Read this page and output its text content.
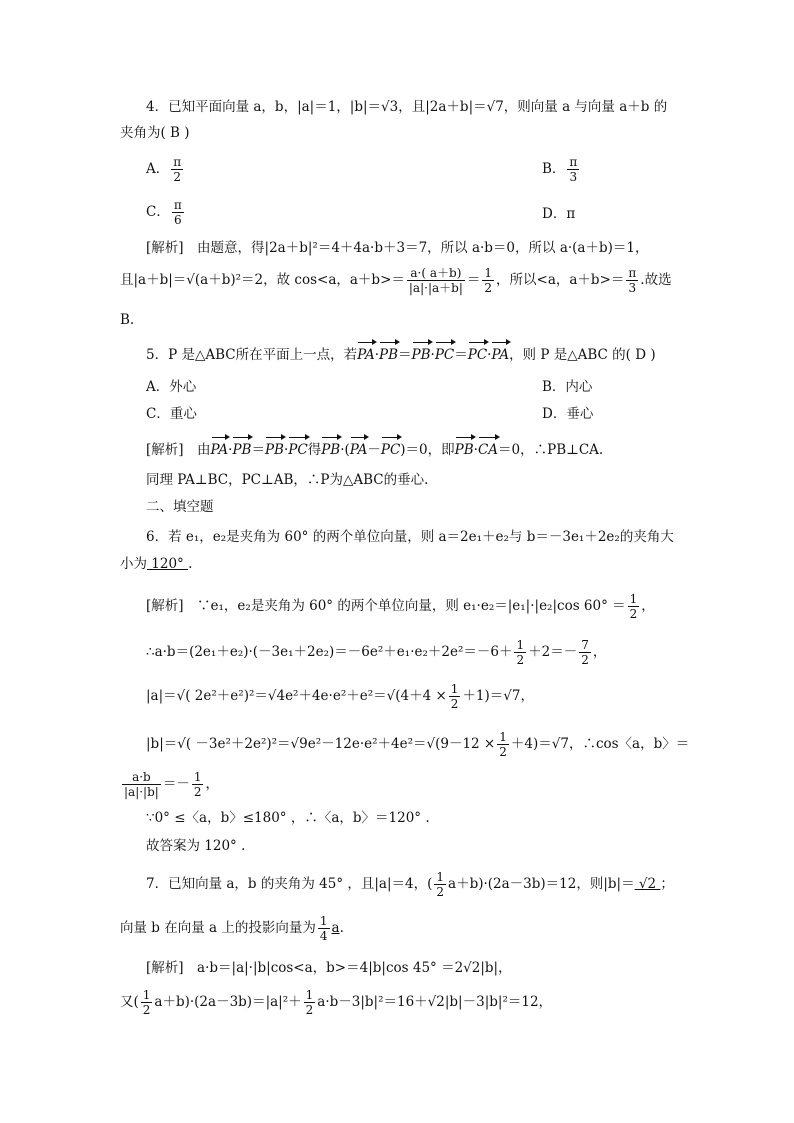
4．已知平面向量 a，b，|a|＝1，|b|＝√3，且|2a＋b|＝√7，则向量 a 与向量 a＋b 的
夹角为( B )
A． $\frac{\pi}{2}$	B． $\frac{\pi}{3}$
C． $\frac{\pi}{6}$	D．π
[解析]　由题意，得|2a＋b|²＝4＋4a·b＋3＝7，所以 a·b＝0，所以 a·(a＋b)＝1，
且|a＋b|＝√(a＋b)²＝2，故 cos<a，$a+b>= \frac{a\cdot( a+b)}{|a|\cdot|a+b|} = \frac{1}{2}$ ，所以<a，$a+b>= \frac{\pi}{3}$ .故选
B.
5．P 是△ABC所在平面上一点，若PA·PB＝PB·PC＝PC·PA，则 P 是△ABC 的( D )
A．外心	B．内心
C．重心	D．垂心
[解析]　由PA·PB＝PB·PC得PB·(PA－PC)＝0，即PB·CA＝0，∴PB⊥CA.
同理 PA⊥BC，PC⊥AB，∴P为△ABC的垂心.
二、填空题
6．若 e₁，e₂是夹角为 60° 的两个单位向量，则 a＝2e₁＋e₂与 b＝－3e₁＋2e₂的夹角大
小为 120° .
[解析]　∵e₁，e₂是夹角为 60° 的两个单位向量，则 e₁·e₂＝|e₁|·|e₂|cos $60^\circ = \frac{1}{2}$ ，
∴a·b＝(2e₁＋e₂)·(－3e₁＋2e₂)＝－6e²＋e₁·e₂＋2e²＝－6＋ $\frac{1}{2} +2=- \frac{7}{2}$ ，
|a|＝√( $2e^2+e^2)^2=√4e^2+4e\cdot e^2+e^2=√(4+4 \times \frac{1}{2} +1)=√7$，
$|b|=√( -3e^2+2e^2)^2=√9e^2-12e\cdot e^2+4e^2=√(9-12 \times \frac{1}{2} +4)=√7$，∴cos〈a，b〉＝
$\frac{a\cdot b}{|a|\cdot|b|} =- \frac{1}{2}$ ，
∵0° ≤〈a，b〉≤180° ，∴〈a，b〉＝120° .
故答案为 120° .
7．已知向量 a，b 的夹角为 45° ，且|a|＝4，( $\frac{1}{2} a+b)\cdot(2a-3b)=12$，则|b|＝ √2 ；
向量 b 在向量 a 上的投影向量为 $\frac{1}{4} a$.
[解析]　a·b＝|a|·|b|cos<a，b>＝4|b|cos 45° ＝2√2|b|，
又( $\frac{1}{2} a+b)\cdot(2a-3b)=|a|^2+ \frac{1}{2} a\cdot b-3|b|^2=16+√2|b|-3|b|^2=12$，
